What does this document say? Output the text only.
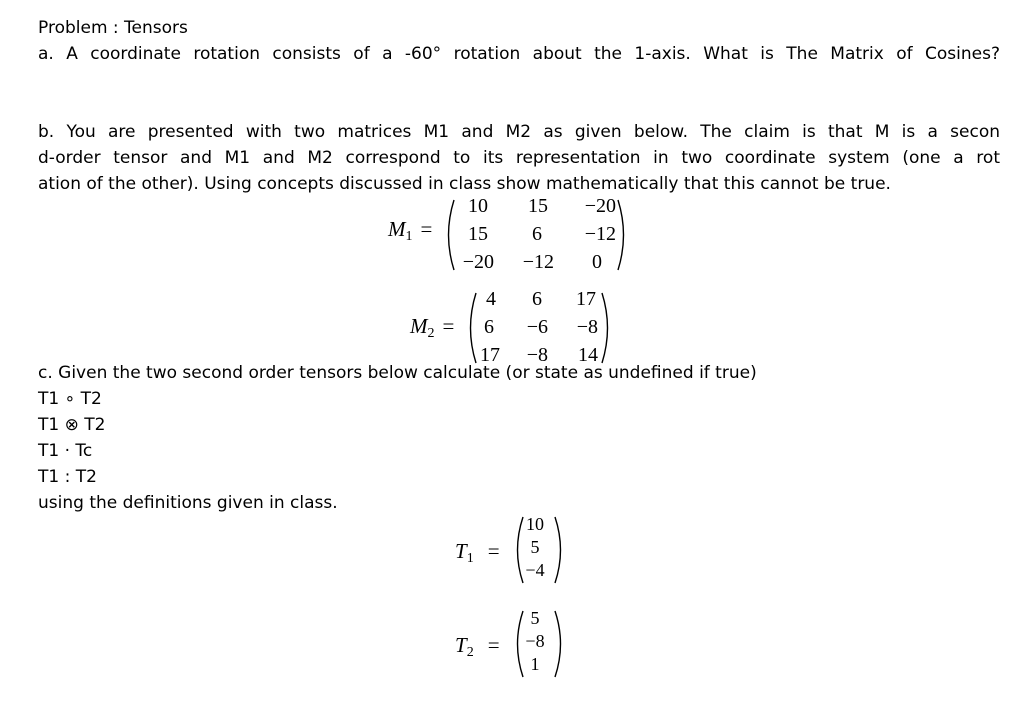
Problem : Tensors
a. A coordinate rotation consists of a -60° rotation about the 1-axis. What is The Matrix of Cosines?
b. You are presented with two matrices M1 and M2 as given below. The claim is that M is a secon
d-order tensor and M1 and M2 correspond to its representation in two coordinate system (one a rot
ation of the other). Using concepts discussed in class show mathematically that this cannot be true.
$M_1$ =
10	15	−20
15	6	−12
−20	−12	0
$M_2$ =
4	6	17
6	−6	−8
17	−8	14
c. Given the two second order tensors below calculate (or state as undefined if true)
T1 ∘ T2
T1 ⊗ T2
T1 · Tc
T1 : T2
using the definitions given in class.
$T_1$ =
10
5
−4
$T_2$ =
5
−8
1
